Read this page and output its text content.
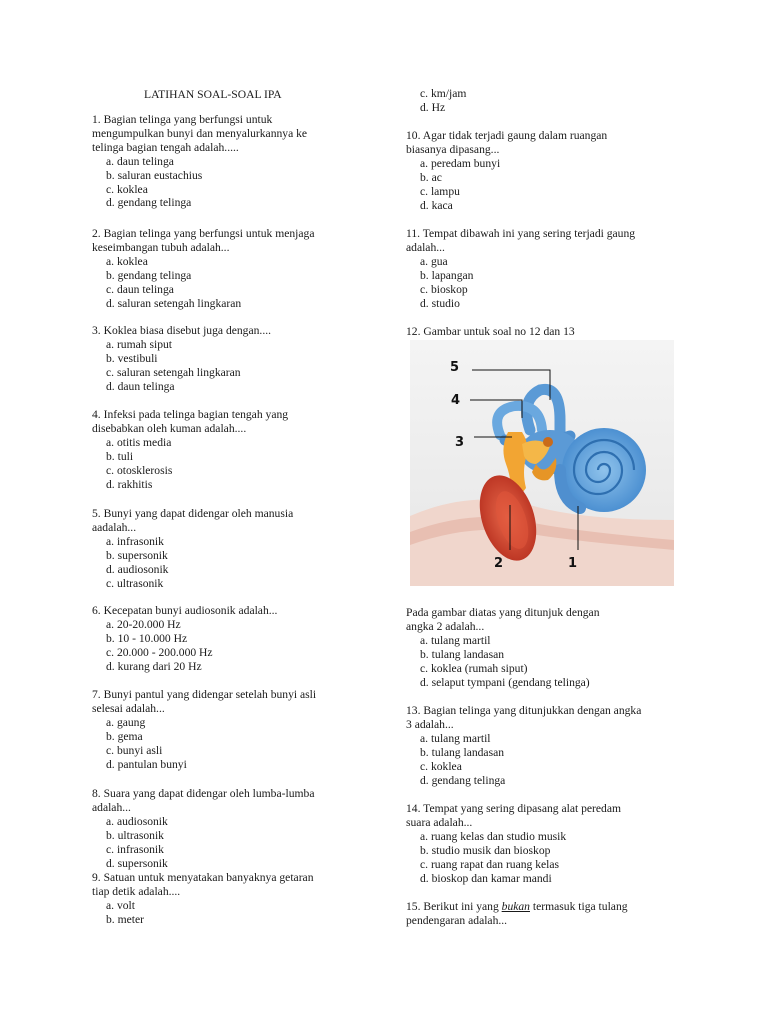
LATIHAN SOAL-SOAL IPA
1. Bagian telinga yang berfungsi untuk
mengumpulkan bunyi dan menyalurkannya ke
telinga bagian tengah adalah.....
a. daun telinga
b. saluran eustachius
c. koklea
d. gendang telinga
2. Bagian telinga yang berfungsi untuk menjaga
keseimbangan tubuh adalah...
a. koklea
b. gendang telinga
c. daun telinga
d. saluran setengah lingkaran
3. Koklea biasa disebut juga dengan....
a. rumah siput
b. vestibuli
c. saluran setengah lingkaran
d. daun telinga
4. Infeksi pada telinga bagian tengah yang
disebabkan oleh kuman adalah....
a. otitis media
b. tuli
c. otosklerosis
d. rakhitis
5. Bunyi yang dapat didengar oleh manusia
aadalah...
a. infrasonik
b. supersonik
d. audiosonik
c. ultrasonik
6. Kecepatan bunyi audiosonik adalah...
a. 20-20.000 Hz
b. 10 - 10.000 Hz
c. 20.000 - 200.000 Hz
d. kurang dari 20 Hz
7. Bunyi pantul yang didengar setelah bunyi asli
selesai adalah...
a. gaung
b. gema
c. bunyi asli
d. pantulan bunyi
8. Suara yang dapat didengar oleh lumba-lumba
adalah...
a. audiosonik
b. ultrasonik
c. infrasonik
d. supersonik
9. Satuan untuk menyatakan banyaknya getaran
tiap detik adalah....
a. volt
b. meter
c. km/jam
d. Hz
10. Agar tidak terjadi gaung dalam ruangan
biasanya dipasang...
a. peredam bunyi
b. ac
c. lampu
d. kaca
11. Tempat dibawah ini yang sering terjadi gaung
adalah...
a. gua
b. lapangan
c. bioskop
d. studio
12. Gambar untuk soal no 12 dan 13
Pada gambar diatas yang ditunjuk dengan
angka 2 adalah...
a. tulang martil
b. tulang landasan
c. koklea (rumah siput)
d. selaput tympani (gendang telinga)
13. Bagian telinga yang ditunjukkan dengan angka
3 adalah...
a. tulang martil
b. tulang landasan
c. koklea
d. gendang telinga
14. Tempat yang sering dipasang alat peredam
suara adalah...
a. ruang kelas dan studio musik
b. studio musik dan bioskop
c. ruang rapat dan ruang kelas
d. bioskop dan kamar mandi
15. Berikut ini yang bukan termasuk tiga tulang
pendengaran adalah...
5
4
3
2	1
